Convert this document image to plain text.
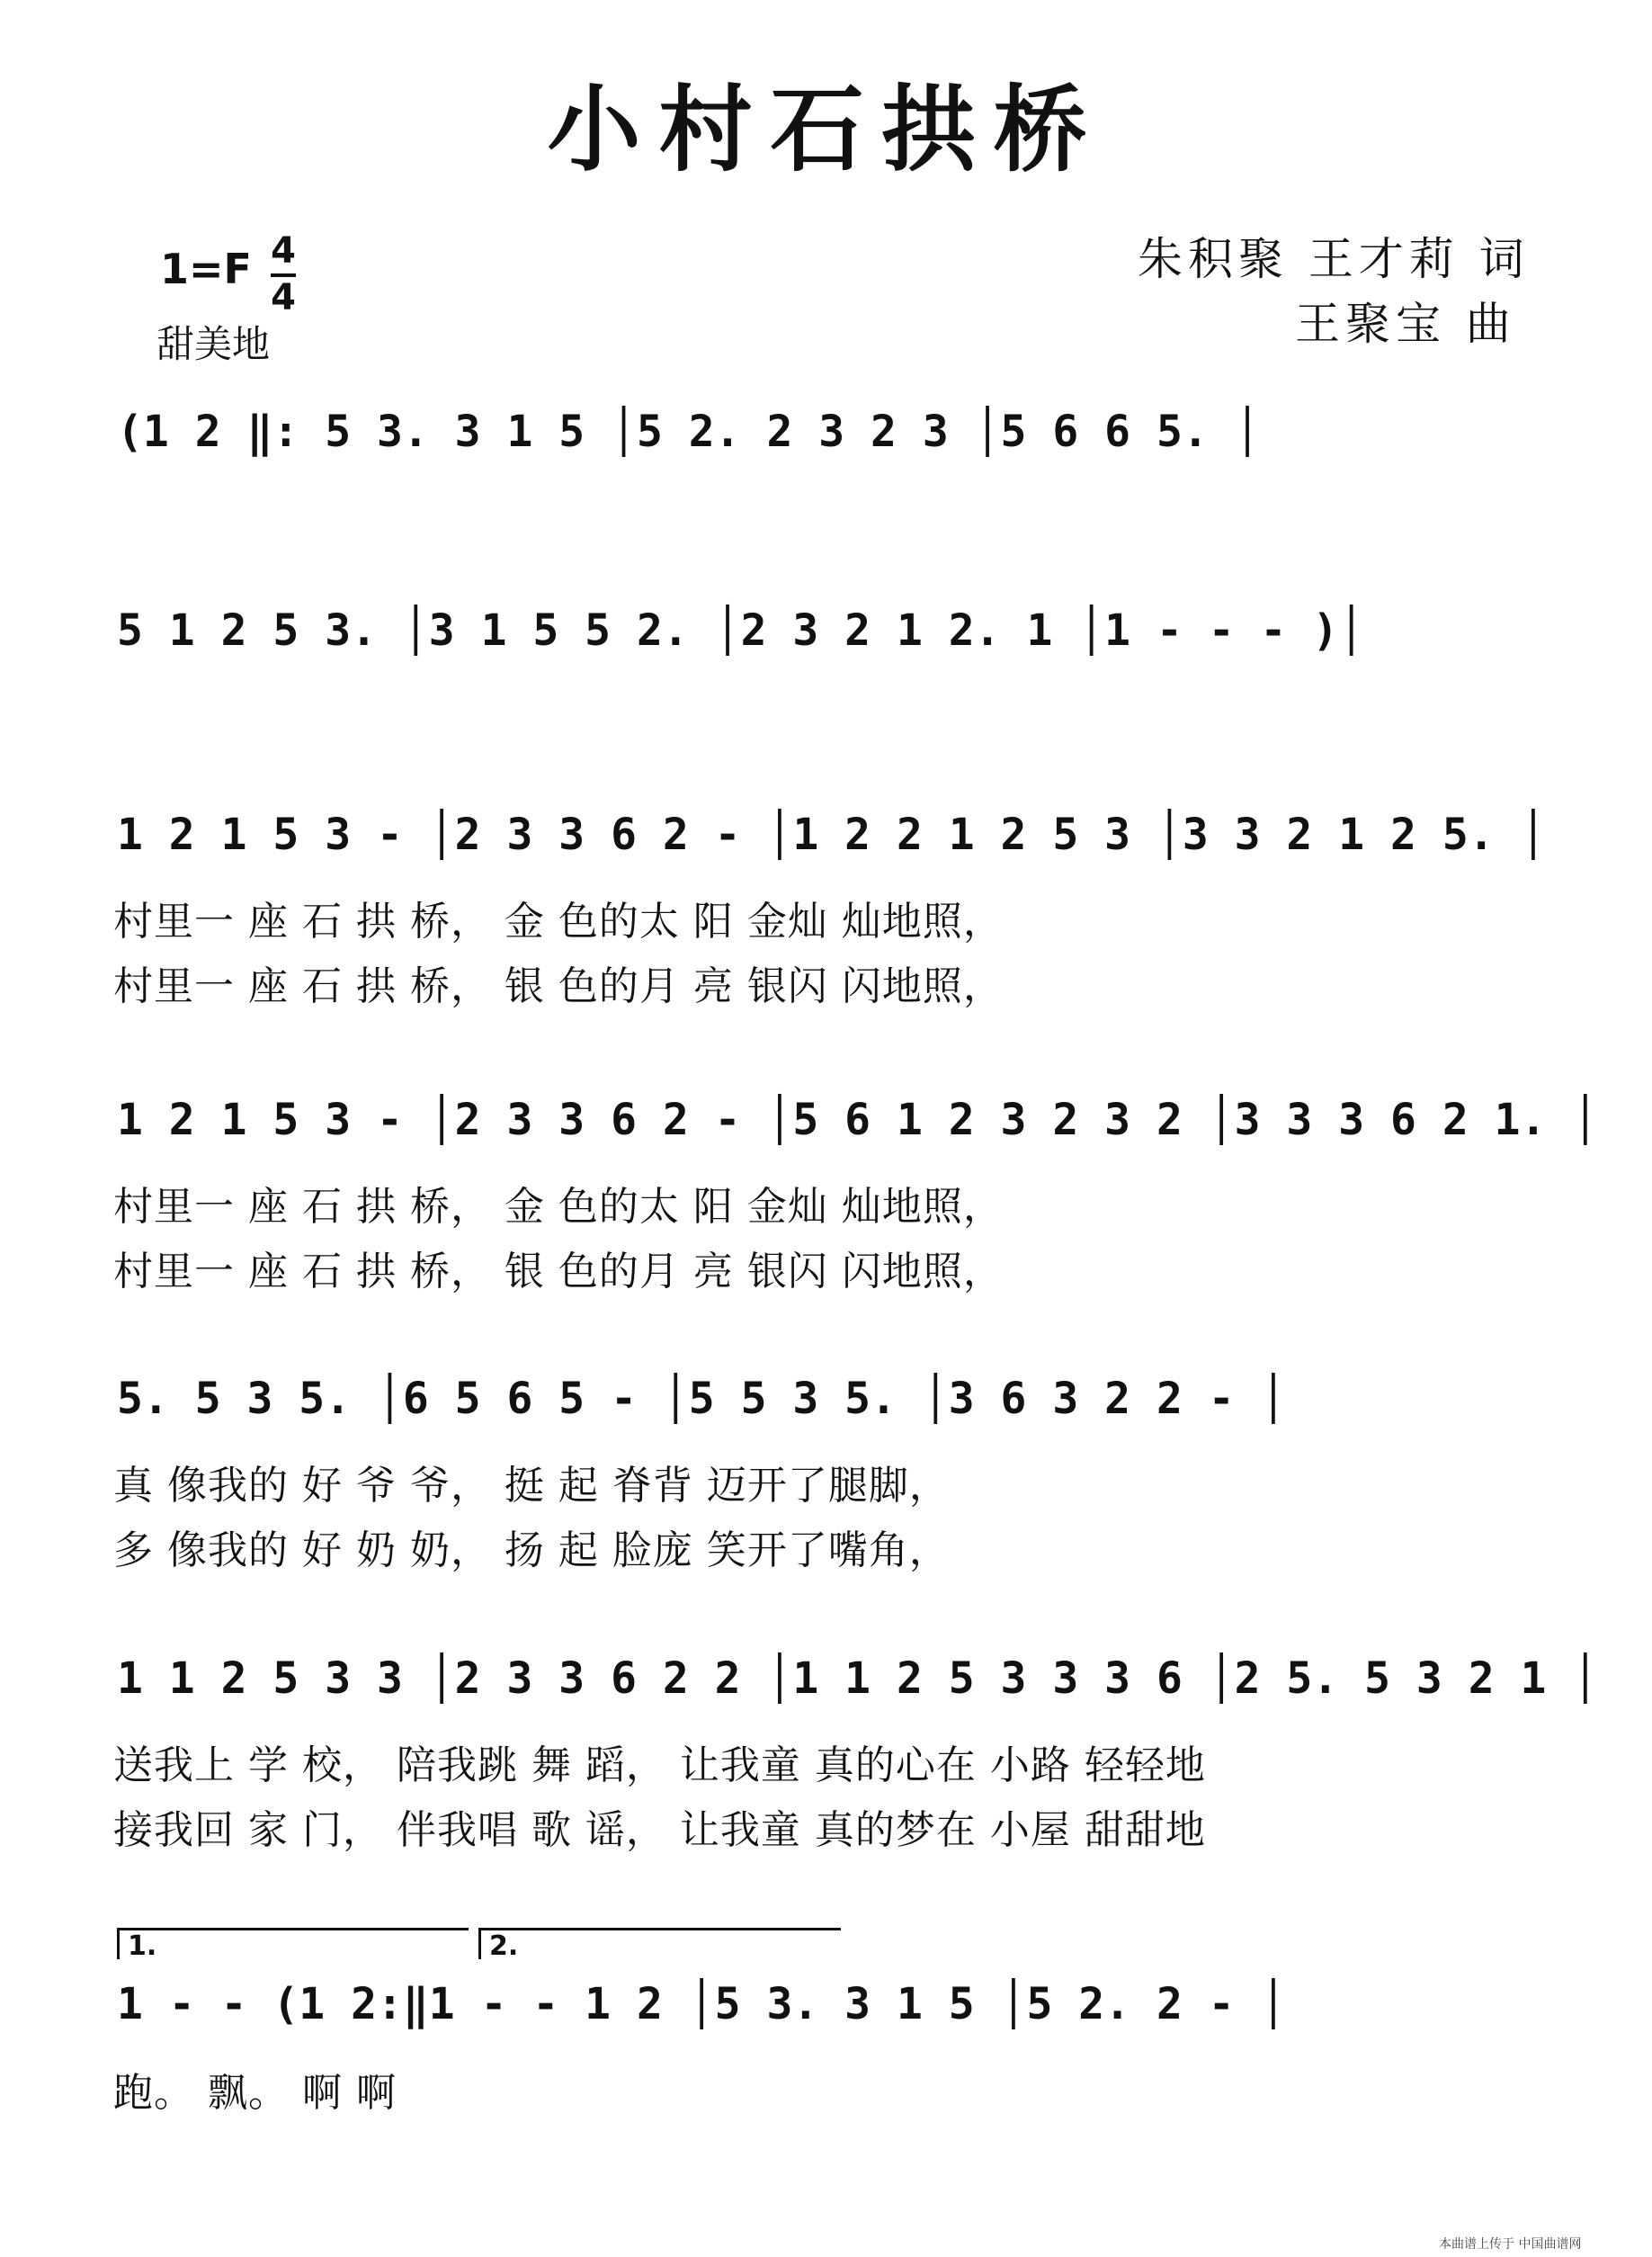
小村石拱桥
1=F 4
4
甜美地
朱积聚 王才莉 词
王聚宝 曲
(1 2 ‖: 5 3. 3 1 5 │5 2. 2 3 2 3 │5 6 6 5. │
5 1 2 5 3. │3 1 5 5 2. │2 3 2 1 2. 1 │1 - - - )│
1 2 1 5 3 - │2 3 3 6 2 - │1 2 2 1 2 5 3 │3 3 2 1 2 5. │
村里一 座 石 拱 桥， 金 色的太 阳 金灿 灿地照，
村里一 座 石 拱 桥， 银 色的月 亮 银闪 闪地照，
1 2 1 5 3 - │2 3 3 6 2 - │5 6 1 2 3 2 3 2 │3 3 3 6 2 1. │
村里一 座 石 拱 桥， 金 色的太 阳 金灿 灿地照，
村里一 座 石 拱 桥， 银 色的月 亮 银闪 闪地照，
5. 5 3 5. │6 5 6 5 - │5 5 3 5. │3 6 3 2 2 - │
真 像我的 好 爷 爷， 挺 起 脊背 迈开了腿脚，
多 像我的 好 奶 奶， 扬 起 脸庞 笑开了嘴角，
1 1 2 5 3 3 │2 3 3 6 2 2 │1 1 2 5 3 3 3 6 │2 5. 5 3 2 1 │
送我上 学 校， 陪我跳 舞 蹈， 让我童 真的心在 小路 轻轻地
接我回 家 门， 伴我唱 歌 谣， 让我童 真的梦在 小屋 甜甜地
1.	2.
1 - - (1 2:‖1 - - 1 2 │5 3. 3 1 5 │5 2. 2 - │
跑。 飘。 啊 啊
本曲谱上传于 中国曲谱网
